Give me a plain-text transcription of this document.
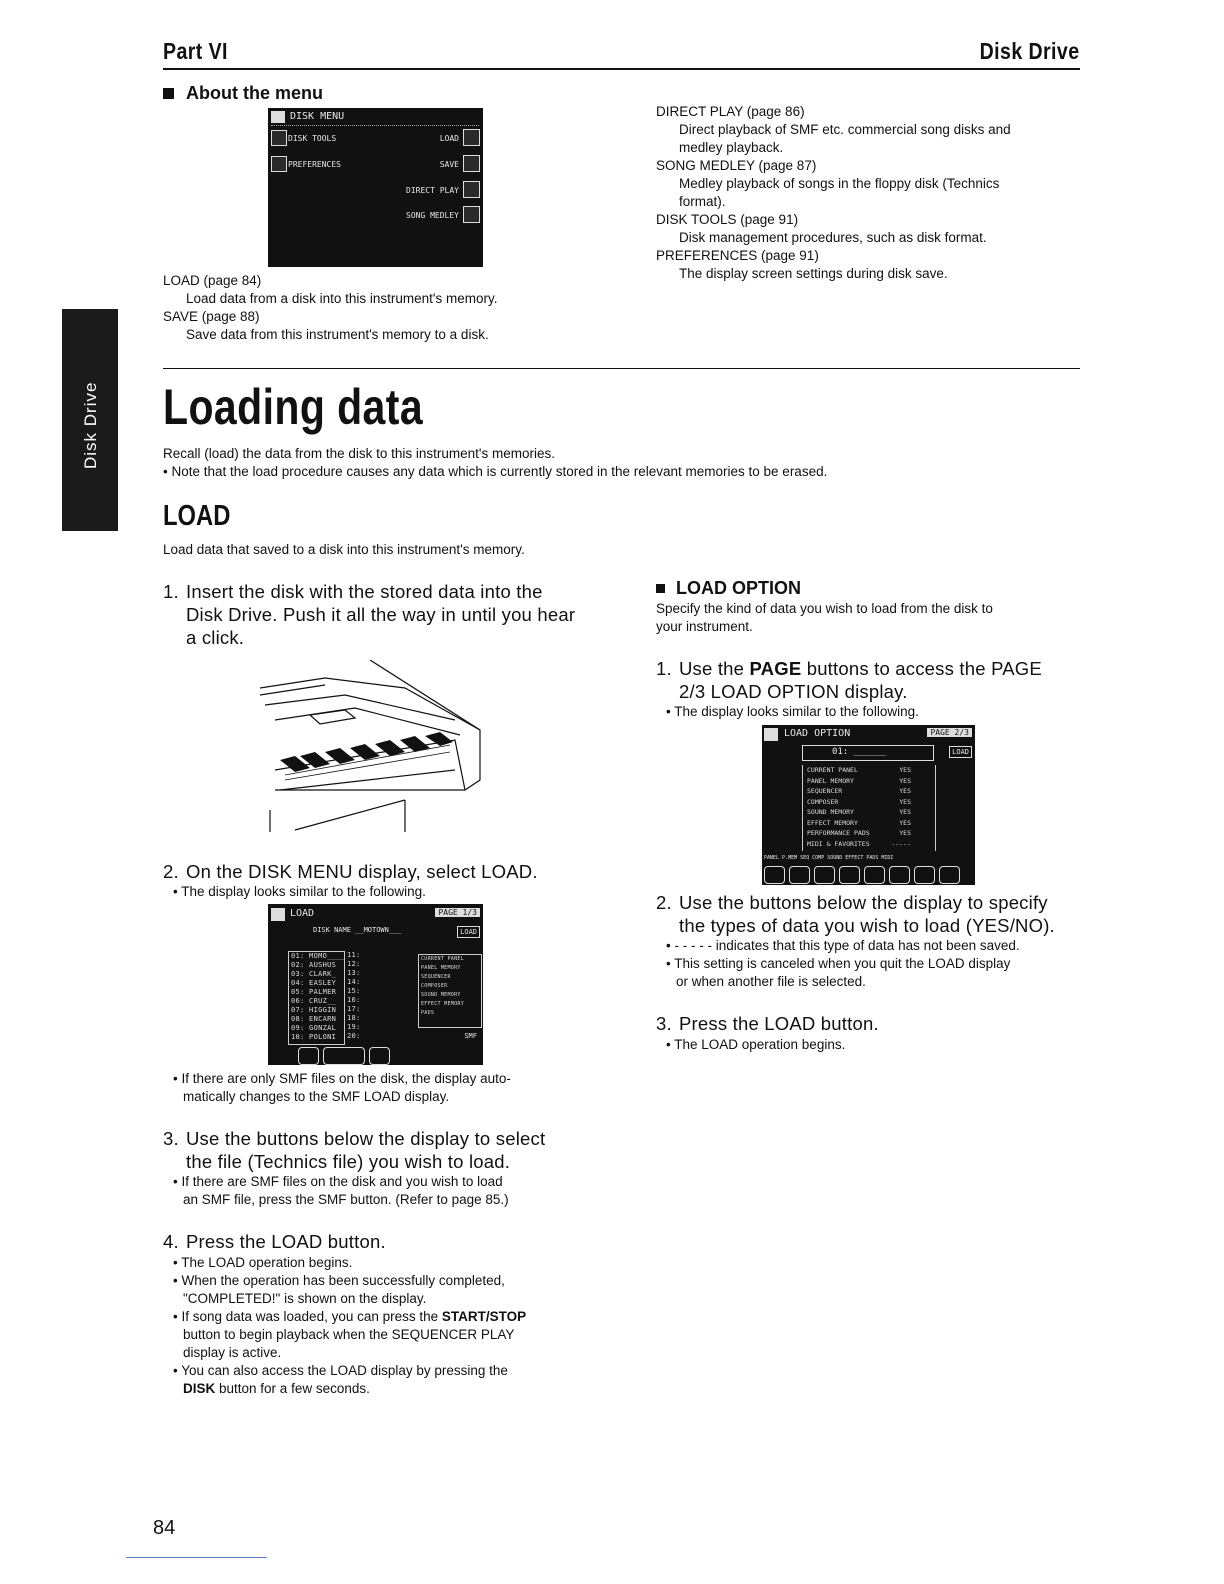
Part VI	Disk Drive
Disk Drive
About the menu
DISK MENU
DISK TOOLS
PREFERENCES
LOAD
SAVE
DIRECT PLAY
SONG MEDLEY
LOAD (page 84)
Load data from a disk into this instrument's memory.
SAVE (page 88)
Save data from this instrument's memory to a disk.
DIRECT PLAY (page 86)
Direct playback of SMF etc. commercial song disks and
medley playback.
SONG MEDLEY (page 87)
Medley playback of songs in the floppy disk (Technics
format).
DISK TOOLS (page 91)
Disk management procedures, such as disk format.
PREFERENCES (page 91)
The display screen settings during disk save.
Loading data
Recall (load) the data from the disk to this instrument's memories.
• Note that the load procedure causes any data which is currently stored in the relevant memories to be erased.
LOAD
Load data that saved to a disk into this instrument's memory.
1. Insert the disk with the stored data into the
Disk Drive. Push it all the way in until you hear
a click.
2. On the DISK MENU display, select LOAD.
• The display looks similar to the following.
LOAD	PAGE 1/3
DISK NAME __MOTOWN___	LOAD
01: MOMO____
02: AUSHUS
03: CLARK_
04: EASLEY
05: PALMER
06: CRUZ__
07: HIGGIN
08: ENCARN
09: GONZAL
10: POLONI
11:
12:
13:
14:
15:
16:
17:
18:
19:
20:
CURRENT PANEL
PANEL MEMORY
SEQUENCER
COMPOSER
SOUND MEMORY
EFFECT MEMORY
PADS
SMF
• If there are only SMF files on the disk, the display auto-
matically changes to the SMF LOAD display.
3. Use the buttons below the display to select
the file (Technics file) you wish to load.
• If there are SMF files on the disk and you wish to load
an SMF file, press the SMF button. (Refer to page 85.)
4. Press the LOAD button.
• The LOAD operation begins.
• When the operation has been successfully completed,
"COMPLETED!" is shown on the display.
• If song data was loaded, you can press the START/STOP
button to begin playback when the SEQUENCER PLAY
display is active.
• You can also access the LOAD display by pressing the
DISK button for a few seconds.
LOAD OPTION
Specify the kind of data you wish to load from the disk to
your instrument.
1. Use the PAGE buttons to access the PAGE
2/3 LOAD OPTION display.
• The display looks similar to the following.
LOAD OPTION	PAGE 2/3
01: ______	LOAD
CURRENT PANEL	YES
PANEL MEMORY	YES
SEQUENCER	YES
COMPOSER	YES
SOUND MEMORY	YES
EFFECT MEMORY	YES
PERFORMANCE PADS	YES
MIDI & FAVORITES	-----
PANEL P.MEM SEQ COMP SOUND EFFECT PADS MIDI
2. Use the buttons below the display to specify
the types of data you wish to load (YES/NO).
• - - - - - indicates that this type of data has not been saved.
• This setting is canceled when you quit the LOAD display
or when another file is selected.
3. Press the LOAD button.
• The LOAD operation begins.
84
